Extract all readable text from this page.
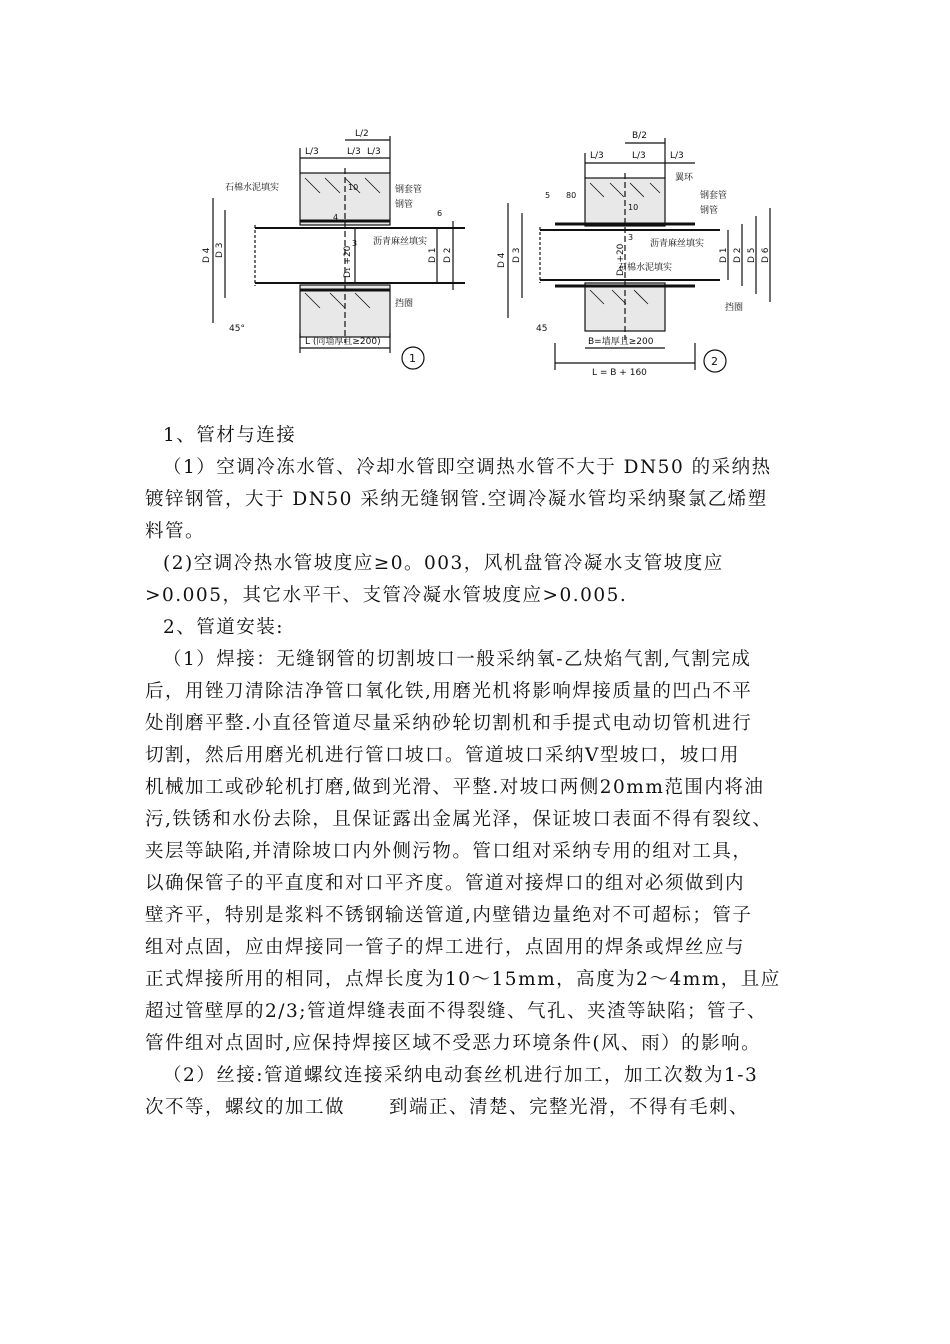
L/3
L/2
L/3 L/3
石棉水泥填实	钢套管
钢管
沥青麻丝填实
挡圈
L (同墙厚且≥200)
D 4 D 3	D 1 D 2
D₁ +20
10
3
4	6
45°
1
L/3
B/2
L/3	L/3
翼环
钢套管
钢管
沥青麻丝填实
石棉水泥填实
挡圈
B=墙厚且≥200
L = B + 160
D 4 D 3	D 1 D 2 D 5 D 6
D₁ +20
5 80
10
3
45
2

1、管材与连接

（1）空调冷冻水管、冷却水管即空调热水管不大于 DN50 的采纳热

镀锌钢管，大于 DN50 采纳无缝钢管.空调冷凝水管均采纳聚氯乙烯塑

料管。

(2)空调冷热水管坡度应≥0。003，风机盘管冷凝水支管坡度应

>0.005，其它水平干、支管冷凝水管坡度应>0.005.

2、管道安装:

（1）焊接：无缝钢管的切割坡口一般采纳氧-乙炔焰气割,气割完成

后，用锉刀清除洁净管口氧化铁,用磨光机将影响焊接质量的凹凸不平

处削磨平整.小直径管道尽量采纳砂轮切割机和手提式电动切管机进行

切割，然后用磨光机进行管口坡口。管道坡口采纳Ⅴ型坡口，坡口用

机械加工或砂轮机打磨,做到光滑、平整.对坡口两侧20mm范围内将油

污,铁锈和水份去除，且保证露出金属光泽，保证坡口表面不得有裂纹、

夹层等缺陷,并清除坡口内外侧污物。管口组对采纳专用的组对工具，

以确保管子的平直度和对口平齐度。管道对接焊口的组对必须做到内

壁齐平，特别是浆料不锈钢输送管道,内壁错边量绝对不可超标；管子

组对点固，应由焊接同一管子的焊工进行，点固用的焊条或焊丝应与

正式焊接所用的相同，点焊长度为10～15mm，高度为2～4mm，且应

超过管壁厚的2/3;管道焊缝表面不得裂缝、气孔、夹渣等缺陷；管子、

管件组对点固时,应保持焊接区域不受恶力环境条件(风、雨）的影响。

（2）丝接:管道螺纹连接采纳电动套丝机进行加工，加工次数为1-3

次不等，螺纹的加工做 到端正、清楚、完整光滑，不得有毛刺、
